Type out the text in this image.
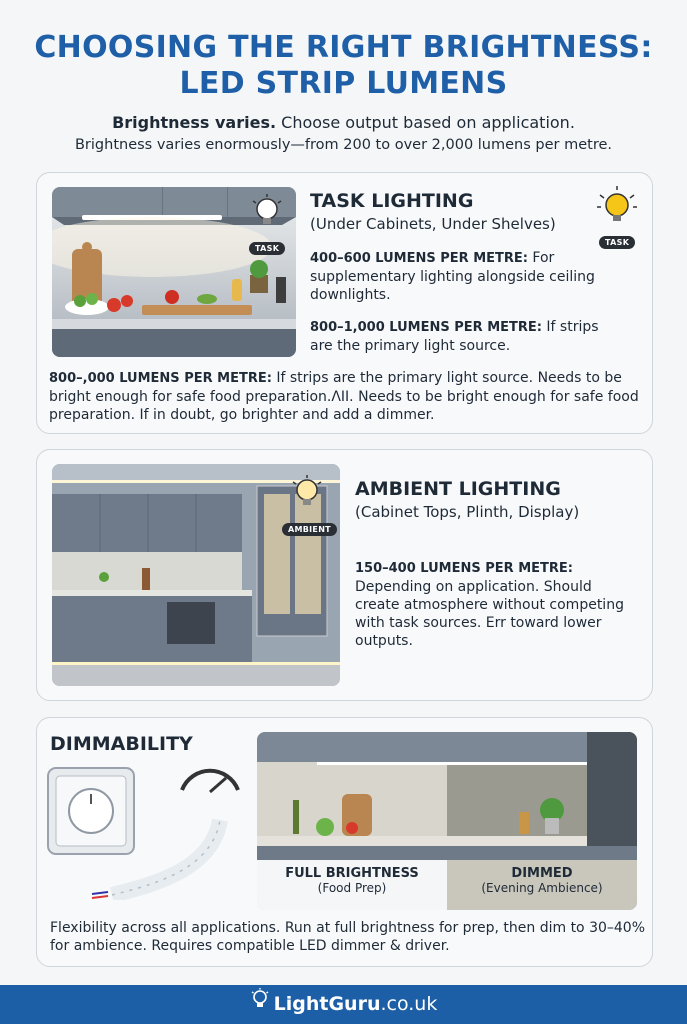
CHOOSING THE RIGHT BRIGHTNESS:
LED STRIP LUMENS
Brightness varies. Choose output based on application.
Brightness varies enormously—from 200 to over 2,000 lumens per metre.
TASK
TASK LIGHTING
(Under Cabinets, Under Shelves)
TASK
400–600 LUMENS PER METRE: For supplementary lighting alongside ceiling downlights.
800–1,000 LUMENS PER METRE: If strips are the primary light source.
800–,000 LUMENS PER METRE: If strips are the primary light source. Needs to be bright enough for safe food preparation.ɅII. Needs to be bright enough for safe food preparation. If in doubt, go brighter and add a dimmer.
AMBIENT
AMBIENT LIGHTING
(Cabinet Tops, Plinth, Display)
150–400 LUMENS PER METRE:
Depending on application. Should create atmosphere without competing with task sources. Err toward lower outputs.
DIMMABILITY
FULL BRIGHTNESS
(Food Prep)
DIMMED
(Evening Ambience)
Flexibility across all applications. Run at full brightness for prep, then dim to 30–40% for ambience. Requires compatible LED dimmer & driver.
LightGuru.co.uk
